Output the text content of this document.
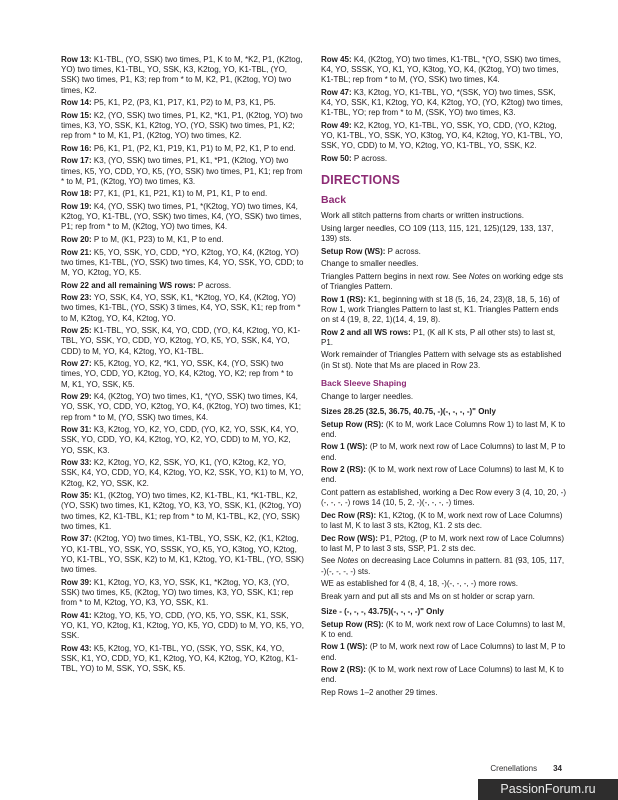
Row 13: K1-TBL, (YO, SSK) two times, P1, K to M, *K2, P1, (K2tog, YO) two times, K1-TBL, YO, SSK, K3, K2tog, YO, K1-TBL, (YO, SSK) two times, P1, K3; rep from * to M, K2, P1, (K2tog, YO) two times, K2.

Row 14: P5, K1, P2, (P3, K1, P17, K1, P2) to M, P3, K1, P5.

Row 15: K2, (YO, SSK) two times, P1, K2, *K1, P1, (K2tog, YO) two times, K3, YO, SSK, K1, K2tog, YO, (YO, SSK) two times, P1, K2; rep from * to M, K1, P1, (K2tog, YO) two times, K2.

Row 16: P6, K1, P1, (P2, K1, P19, K1, P1) to M, P2, K1, P to end.

Row 17: K3, (YO, SSK) two times, P1, K1, *P1, (K2tog, YO) two times, K5, YO, CDD, YO, K5, (YO, SSK) two times, P1, K1; rep from * to M, P1, (K2tog, YO) two times, K3.

Row 18: P7, K1, (P1, K1, P21, K1) to M, P1, K1, P to end.

Row 19: K4, (YO, SSK) two times, P1, *(K2tog, YO) two times, K4, K2tog, YO, K1-TBL, (YO, SSK) two times, K4, (YO, SSK) two times, P1; rep from * to M, (K2tog, YO) two times, K4.

Row 20: P to M, (K1, P23) to M, K1, P to end.

Row 21: K5, YO, SSK, YO, CDD, *YO, K2tog, YO, K4, (K2tog, YO) two times, K1-TBL, (YO, SSK) two times, K4, YO, SSK, YO, CDD; to M, YO, K2tog, YO, K5.

Row 22 and all remaining WS rows: P across.

Row 23: YO, SSK, K4, YO, SSK, K1, *K2tog, YO, K4, (K2tog, YO) two times, K1-TBL, (YO, SSK) 3 times, K4, YO, SSK, K1; rep from * to M, K2tog, YO, K4, K2tog, YO.

Row 25: K1-TBL, YO, SSK, K4, YO, CDD, (YO, K4, K2tog, YO, K1-TBL, YO, SSK, YO, CDD, YO, K2tog, YO, K5, YO, SSK, K4, YO, CDD) to M, YO, K4, K2tog, YO, K1-TBL.

Row 27: K5, K2tog, YO, K2, *K1, YO, SSK, K4, (YO, SSK) two times, YO, CDD, YO, K2tog, YO, K4, K2tog, YO, K2; rep from * to M, K1, YO, SSK, K5.

Row 29: K4, (K2tog, YO) two times, K1, *(YO, SSK) two times, K4, YO, SSK, YO, CDD, YO, K2tog, YO, K4, (K2tog, YO) two times, K1; rep from * to M, (YO, SSK) two times, K4.

Row 31: K3, K2tog, YO, K2, YO, CDD, (YO, K2, YO, SSK, K4, YO, SSK, YO, CDD, YO, K4, K2tog, YO, K2, YO, CDD) to M, YO, K2, YO, SSK, K3.

Row 33: K2, K2tog, YO, K2, SSK, YO, K1, (YO, K2tog, K2, YO, SSK, K4, YO, CDD, YO, K4, K2tog, YO, K2, SSK, YO, K1) to M, YO, K2tog, K2, YO, SSK, K2.

Row 35: K1, (K2tog, YO) two times, K2, K1-TBL, K1, *K1-TBL, K2, (YO, SSK) two times, K1, K2tog, YO, K3, YO, SSK, K1, (K2tog, YO) two times, K2, K1-TBL, K1; rep from * to M, K1-TBL, K2, (YO, SSK) two times, K1.

Row 37: (K2tog, YO) two times, K1-TBL, YO, SSK, K2, (K1, K2tog, YO, K1-TBL, YO, SSK, YO, SSSK, YO, K5, YO, K3tog, YO, K2tog, YO, K1-TBL, YO, SSK, K2) to M, K1, K2tog, YO, K1-TBL, (YO, SSK) two times.

Row 39: K1, K2tog, YO, K3, YO, SSK, K1, *K2tog, YO, K3, (YO, SSK) two times, K5, (K2tog, YO) two times, K3, YO, SSK, K1; rep from * to M, K2tog, YO, K3, YO, SSK, K1.

Row 41: K2tog, YO, K5, YO, CDD, (YO, K5, YO, SSK, K1, SSK, YO, K1, YO, K2tog, K1, K2tog, YO, K5, YO, CDD) to M, YO, K5, YO, SSK.

Row 43: K5, K2tog, YO, K1-TBL, YO, (SSK, YO, SSK, K4, YO, SSK, K1, YO, CDD, YO, K1, K2tog, YO, K4, K2tog, YO, K2tog, K1-TBL, YO) to M, SSK, YO, SSK, K5.

Row 45: K4, (K2tog, YO) two times, K1-TBL, *(YO, SSK) two times, K4, YO, SSSK, YO, K1, YO, K3tog, YO, K4, (K2tog, YO) two times, K1-TBL; rep from * to M, (YO, SSK) two times, K4.

Row 47: K3, K2tog, YO, K1-TBL, YO, *(SSK, YO) two times, SSK, K4, YO, SSK, K1, K2tog, YO, K4, K2tog, YO, (YO, K2tog) two times, K1-TBL, YO; rep from * to M, (SSK, YO) two times, K3.

Row 49: K2, K2tog, YO, K1-TBL, YO, SSK, YO, CDD, (YO, K2tog, YO, K1-TBL, YO, SSK, YO, K3tog, YO, K4, K2tog, YO, K1-TBL, YO, SSK, YO, CDD) to M, YO, K2tog, YO, K1-TBL, YO, SSK, K2.

Row 50: P across.

DIRECTIONS
Back

Work all stitch patterns from charts or written instructions.

Using larger needles, CO 109 (113, 115, 121, 125)(129, 133, 137, 139) sts.

Setup Row (WS): P across.

Change to smaller needles.

Triangles Pattern begins in next row. See Notes on working edge sts of Triangles Pattern.

Row 1 (RS): K1, beginning with st 18 (5, 16, 24, 23)(8, 18, 5, 16) of Row 1, work Triangles Pattern to last st, K1. Triangles Pattern ends on st 4 (19, 8, 22, 1)(14, 4, 19, 8).

Row 2 and all WS rows: P1, (K all K sts, P all other sts) to last st, P1.

Work remainder of Triangles Pattern with selvage sts as established (in St st). Note that Ms are placed in Row 23.

Back Sleeve Shaping

Change to larger needles.

Sizes 28.25 (32.5, 36.75, 40.75, -)(-, -, -, -)" Only

Setup Row (RS): (K to M, work Lace Columns Row 1) to last M, K to end.

Row 1 (WS): (P to M, work next row of Lace Columns) to last M, P to end.

Row 2 (RS): (K to M, work next row of Lace Columns) to last M, K to end.

Cont pattern as established, working a Dec Row every 3 (4, 10, 20, -)(-, -, -, -) rows 14 (10, 5, 2, -)(-, -, -, -) times.

Dec Row (RS): K1, K2tog, (K to M, work next row of Lace Columns) to last M, K to last 3 sts, K2tog, K1. 2 sts dec.

Dec Row (WS): P1, P2tog, (P to M, work next row of Lace Columns) to last M, P to last 3 sts, SSP, P1. 2 sts dec.

See Notes on decreasing Lace Columns in pattern. 81 (93, 105, 117, -)(-, -, -, -) sts.

WE as established for 4 (8, 4, 18, -)(-, -, -, -) more rows.

Break yarn and put all sts and Ms on st holder or scrap yarn.

Size - (-, -, -, 43.75)(-, -, -, -)" Only

Setup Row (RS): (K to M, work next row of Lace Columns) to last M, K to end.

Row 1 (WS): (P to M, work next row of Lace Columns) to last M, P to end.

Row 2 (RS): (K to M, work next row of Lace Columns) to last M, K to end.

Rep Rows 1–2 another 29 times.

Crenellations 34
PassionForum.ru
